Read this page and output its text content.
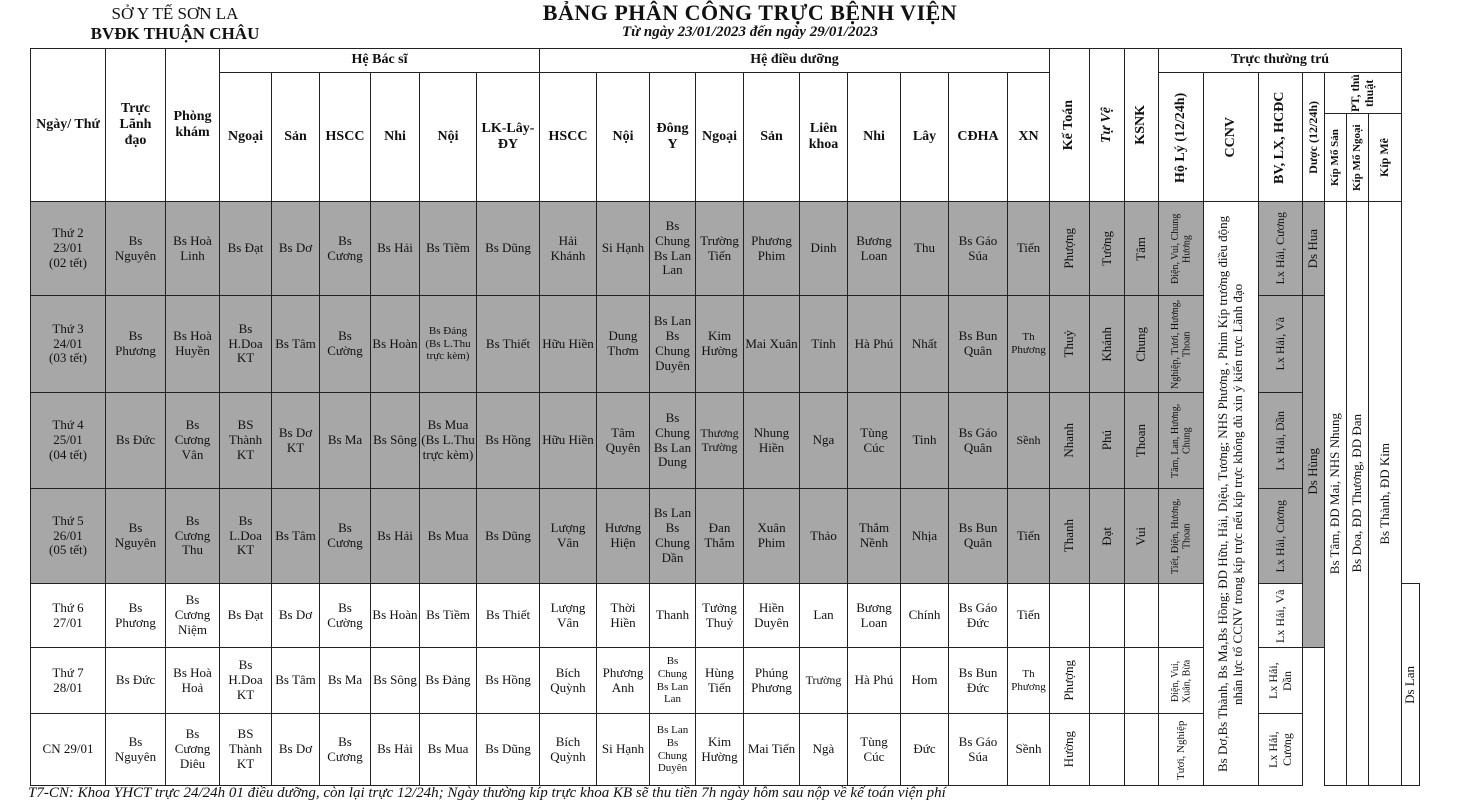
SỞ Y TẾ SƠN LA
BVĐK THUẬN CHÂU
BẢNG PHÂN CÔNG TRỰC BỆNH VIỆN
Từ ngày 23/01/2023 đến ngày 29/01/2023
Ngày/ Thứ	Trực Lãnh đạo	Phòng khám	Hệ Bác sĩ						Hệ điều dưỡng										Kế Toán	Tự Vệ	KSNK	Trực thường trú							
			Ngoại	Sản	HSCC	Nhi	Nội	LK-Lây-ĐY	HSCC	Nội	Đông Y	Ngoại	Sản	Liên khoa	Nhi	Lây	CĐHA	XN				Hộ Lý (12/24h)	CCNV	BV, LX, HCĐC	Dược (12/24h)	PT, thủ thuật			

																										Kíp Mổ Sản	Kíp Mổ Ngoại	Kíp Mê	

Thứ 2
23/01
(02 tết)	Bs Nguyên	Bs Hoà Linh	Bs Đạt	Bs Dơ	Bs Cương	Bs Hải	Bs Tiềm	Bs Dũng	Hải Khánh	Si Hạnh	Bs Chung Bs Lan Lan	Trường Tiến	Phương Phim	Dinh	Bương Loan	Thu	Bs Gáo Súa	Tiến	Phượng	Tường	Tâm	Điện, Vui, Chung Hương	Bs Dơ,Bs Thành, Bs Ma,Bs Hồng; ĐD Hữu, Hải, Diệu, Tương; NHS Phương , Phim Kíp trưởng điều động nhân lực tổ CCNV trong kíp trực nếu kíp trực không đủ xin ý kiến trực Lãnh đạo	Lx Hải, Cương	Ds Hua	Bs Tâm, ĐD Mai, NHS Nhung	Bs Doa, ĐD Thương, ĐD Đan	Bs Thành, ĐD Kim	

Thứ 3
24/01
(03 tết)	Bs Phương	Bs Hoà Huyền	Bs H.Doa KT	Bs Tâm	Bs Cường	Bs Hoàn	Bs Đảng (Bs L.Thu trực kèm)	Bs Thiết	Hữu Hiền	Dung Thơm	Bs Lan Bs Chung Duyên	Kim Hường	Mai Xuân	Tỉnh	Hà Phú	Nhất	Bs Bun Quân	Th Phương	Thuỷ	Khánh	Chung	Nghiệp, Tươi, Hương, Thoan		Lx Hải, Và	Ds Hùng				

Thứ 4
25/01
(04 tết)	Bs Đức	Bs Cương Vân	BS Thành KT	Bs Dơ KT	Bs Ma	Bs Sông	Bs Mua (Bs L.Thu trực kèm)	Bs Hồng	Hữu Hiền	Tâm Quyên	Bs Chung Bs Lan Dung	Thương Trường	Nhung Hiền	Nga	Tùng Cúc	Tinh	Bs Gáo Quân	Sềnh	Nhanh	Phú	Thoan	Tâm, Lan, Hương, Chung		Lx Hải, Dần					

Thứ 5
26/01
(05 tết)	Bs Nguyên	Bs Cương Thu	Bs L.Doa KT	Bs Tâm	Bs Cương	Bs Hải	Bs Mua	Bs Dũng	Lượng Vân	Hương Hiện	Bs Lan Bs Chung Dần	Đan Thắm	Xuân Phim	Thảo	Thắm Nềnh	Nhịa	Bs Bun Quân	Tiến	Thanh	Đạt	Vui	Tiết, Điện, Hương, Thoan		Lx Hải, Cương					

Thứ 6
27/01	Bs Phương	Bs Cương Niệm	Bs Đạt	Bs Dơ	Bs Cường	Bs Hoàn	Bs Tiềm	Bs Thiết	Lượng Vân	Thời Hiền	Thanh	Tưởng Thuỷ	Hiền Duyên	Lan	Bương Loan	Chính	Bs Gáo Đức	Tiến						Lx Hải, Và					Ds Lan

Thứ 7
28/01	Bs Đức	Bs Hoà Hoả	Bs H.Doa KT	Bs Tâm	Bs Ma	Bs Sông	Bs Đảng	Bs Hồng	Bích Quỳnh	Phương Anh	Bs Chung Bs Lan Lan	Hùng Tiến	Phúng Phương	Trường	Hà Phú	Hom	Bs Bun Đức	Th Phương	Phượng			Điện, Vui, Xuân, Bừa		Lx Hải, Dần					

CN 29/01	Bs Nguyên	Bs Cương Diêu	BS Thành KT	Bs Dơ	Bs Cương	Bs Hải	Bs Mua	Bs Dũng	Bích Quỳnh	Si Hạnh	Bs Lan Bs Chung Duyên	Kim Hường	Mai Tiến	Ngà	Tùng Cúc	Đức	Bs Gáo Súa	Sềnh	Hường			Tươi, Nghiệp		Lx Hải, Cương					
T7-CN: Khoa YHCT trực 24/24h 01 điều dưỡng, còn lại trực 12/24h; Ngày thường kíp trực khoa KB sẽ thu tiền 7h ngày hôm sau nộp về kế toán viện phí
